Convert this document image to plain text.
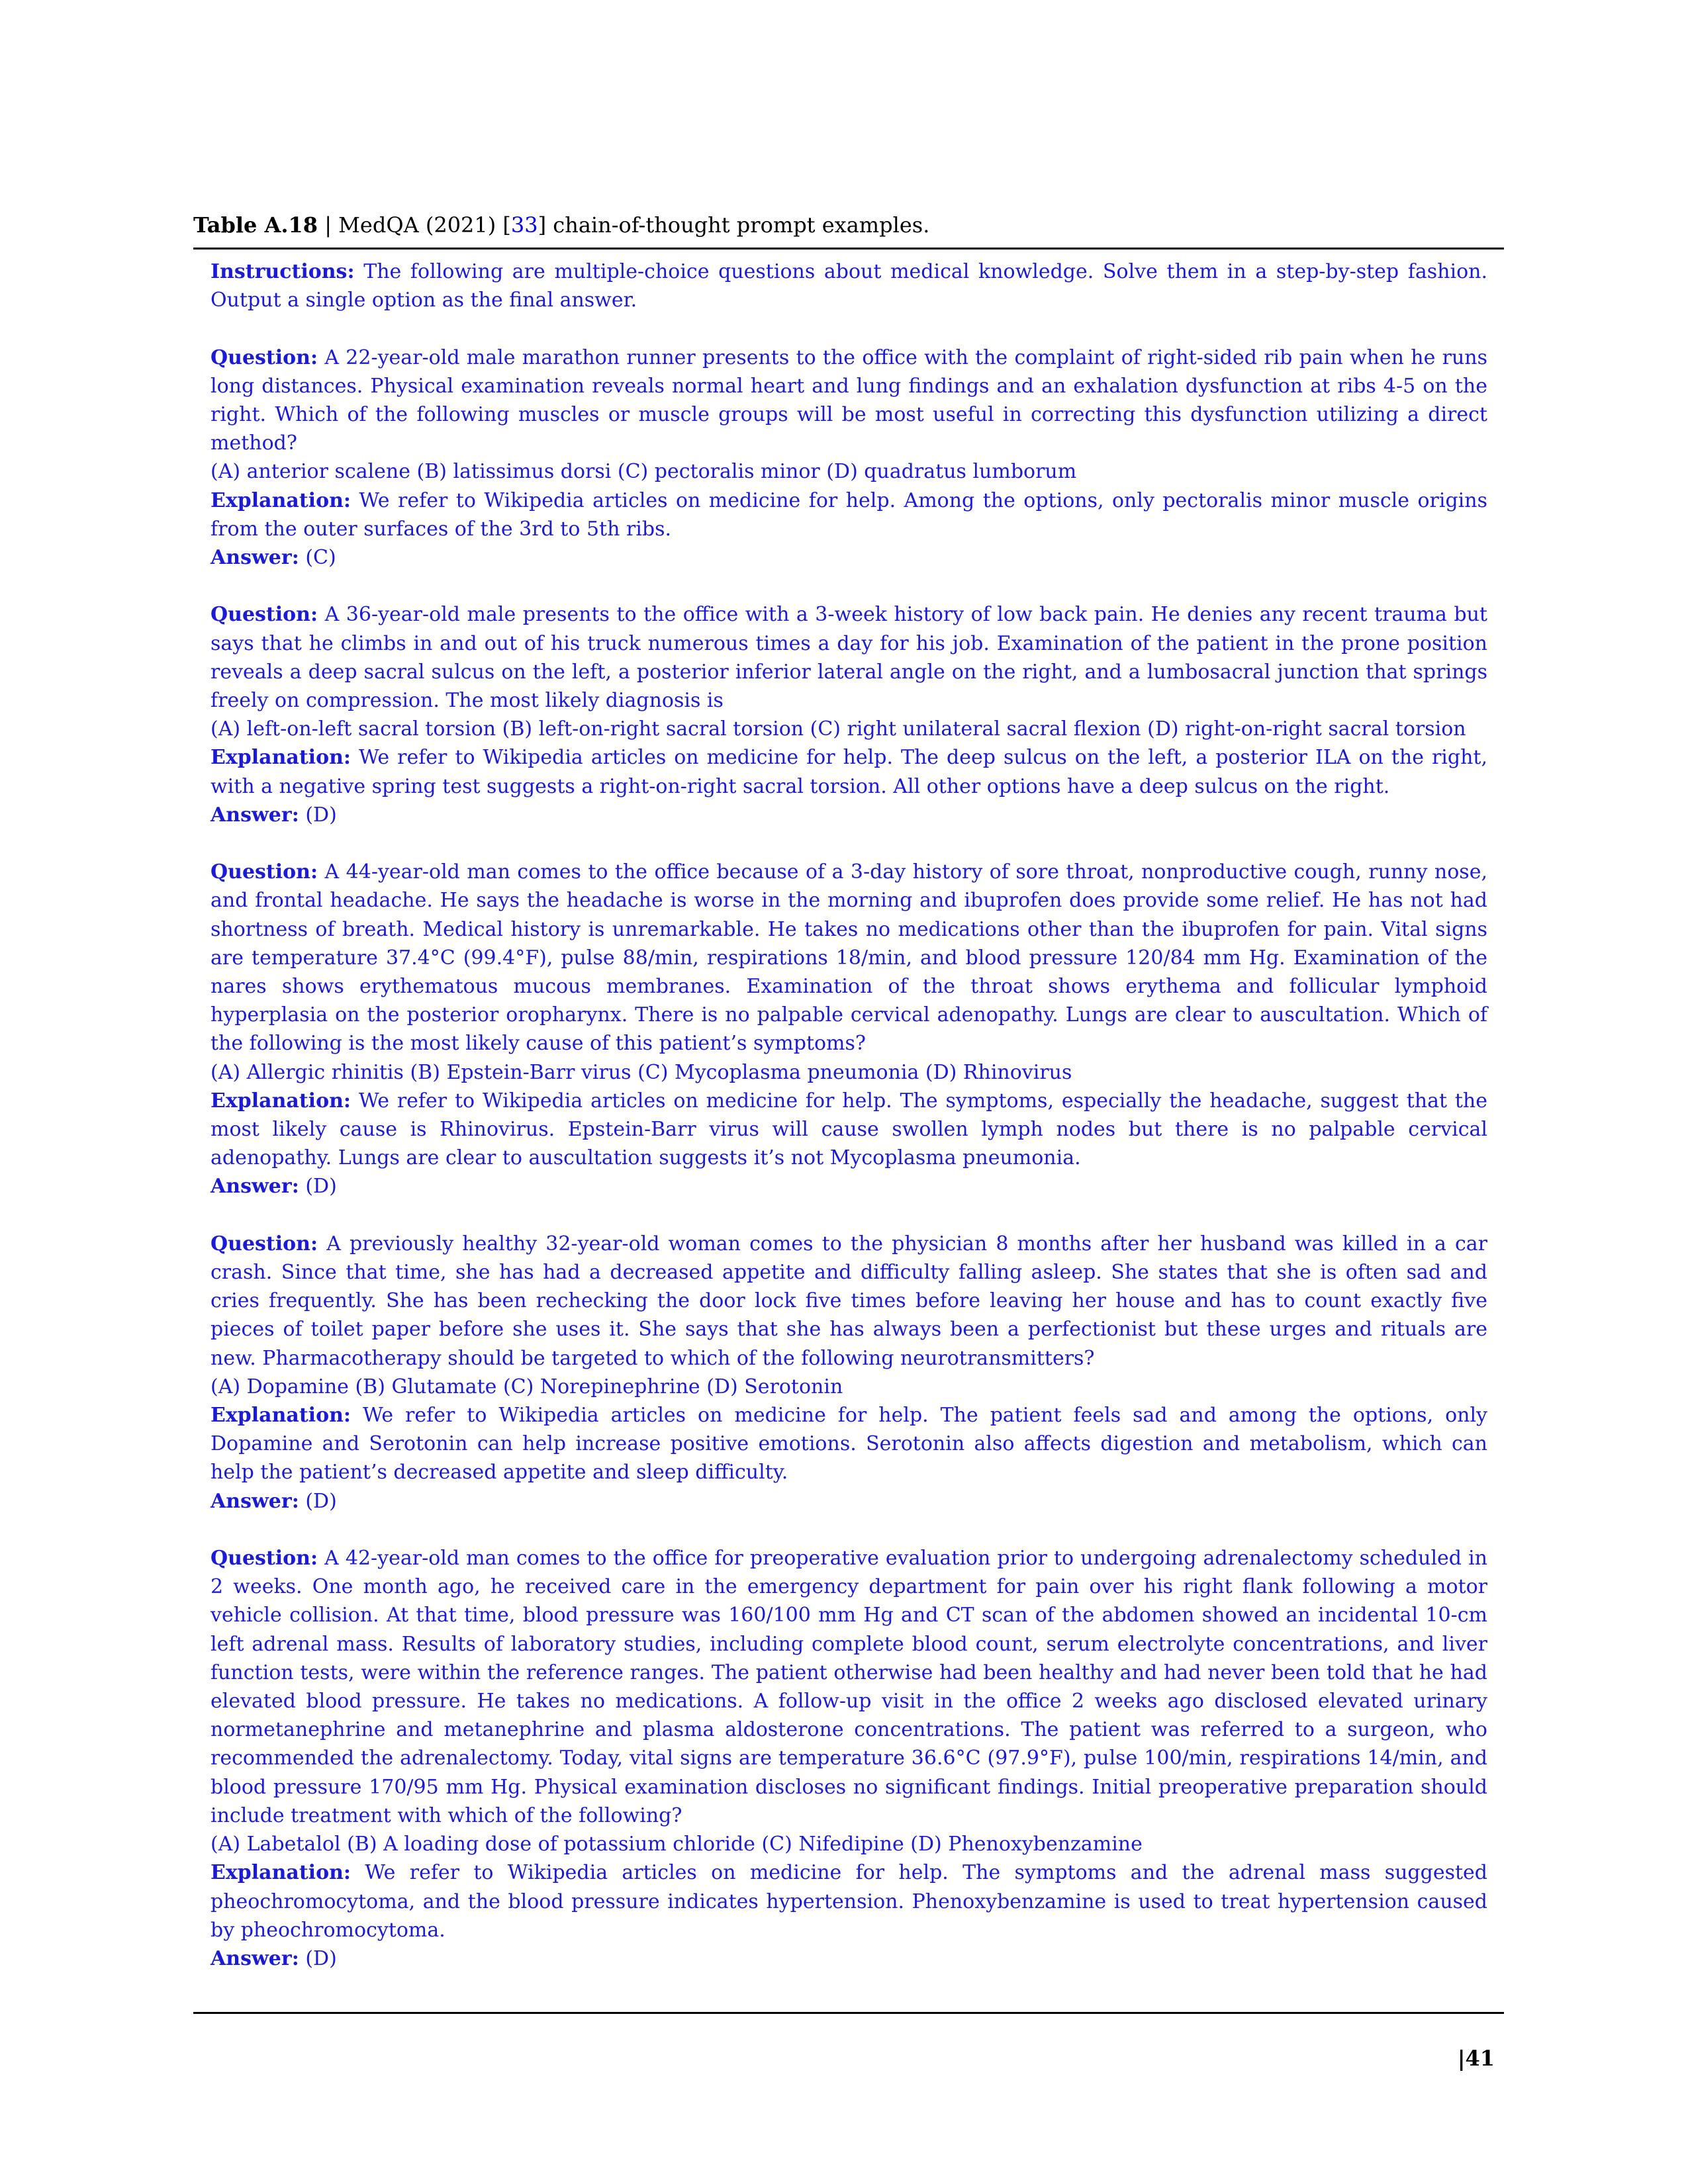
Table A.18 | MedQA (2021) [33] chain-of-thought prompt examples.

Instructions: The following are multiple-choice questions about medical knowledge. Solve them in a step-by-step fashion. Output a single option as the final answer.

Question: A 22-year-old male marathon runner presents to the office with the complaint of right-sided rib pain when he runs long distances. Physical examination reveals normal heart and lung findings and an exhalation dysfunction at ribs 4-5 on the right. Which of the following muscles or muscle groups will be most useful in correcting this dysfunction utilizing a direct method?

(A) anterior scalene (B) latissimus dorsi (C) pectoralis minor (D) quadratus lumborum

Explanation: We refer to Wikipedia articles on medicine for help. Among the options, only pectoralis minor muscle origins from the outer surfaces of the 3rd to 5th ribs.

Answer: (C)

Question: A 36-year-old male presents to the office with a 3-week history of low back pain. He denies any recent trauma but says that he climbs in and out of his truck numerous times a day for his job. Examination of the patient in the prone position reveals a deep sacral sulcus on the left, a posterior inferior lateral angle on the right, and a lumbosacral junction that springs freely on compression. The most likely diagnosis is

(A) left-on-left sacral torsion (B) left-on-right sacral torsion (C) right unilateral sacral flexion (D) right-on-right sacral torsion

Explanation: We refer to Wikipedia articles on medicine for help. The deep sulcus on the left, a posterior ILA on the right, with a negative spring test suggests a right-on-right sacral torsion. All other options have a deep sulcus on the right.

Answer: (D)

Question: A 44-year-old man comes to the office because of a 3-day history of sore throat, nonproductive cough, runny nose, and frontal headache. He says the headache is worse in the morning and ibuprofen does provide some relief. He has not had shortness of breath. Medical history is unremarkable. He takes no medications other than the ibuprofen for pain. Vital signs are temperature 37.4°C (99.4°F), pulse 88/min, respirations 18/min, and blood pressure 120/84 mm Hg. Examination of the nares shows erythematous mucous membranes. Examination of the throat shows erythema and follicular lymphoid hyperplasia on the posterior oropharynx. There is no palpable cervical adenopathy. Lungs are clear to auscultation. Which of the following is the most likely cause of this patient’s symptoms?

(A) Allergic rhinitis (B) Epstein-Barr virus (C) Mycoplasma pneumonia (D) Rhinovirus

Explanation: We refer to Wikipedia articles on medicine for help. The symptoms, especially the headache, suggest that the most likely cause is Rhinovirus. Epstein-Barr virus will cause swollen lymph nodes but there is no palpable cervical adenopathy. Lungs are clear to auscultation suggests it’s not Mycoplasma pneumonia.

Answer: (D)

Question: A previously healthy 32-year-old woman comes to the physician 8 months after her husband was killed in a car crash. Since that time, she has had a decreased appetite and difficulty falling asleep. She states that she is often sad and cries frequently. She has been rechecking the door lock five times before leaving her house and has to count exactly five pieces of toilet paper before she uses it. She says that she has always been a perfectionist but these urges and rituals are new. Pharmacotherapy should be targeted to which of the following neurotransmitters?

(A) Dopamine (B) Glutamate (C) Norepinephrine (D) Serotonin

Explanation: We refer to Wikipedia articles on medicine for help. The patient feels sad and among the options, only Dopamine and Serotonin can help increase positive emotions. Serotonin also affects digestion and metabolism, which can help the patient’s decreased appetite and sleep difficulty.

Answer: (D)

Question: A 42-year-old man comes to the office for preoperative evaluation prior to undergoing adrenalectomy scheduled in 2 weeks. One month ago, he received care in the emergency department for pain over his right flank following a motor vehicle collision. At that time, blood pressure was 160/100 mm Hg and CT scan of the abdomen showed an incidental 10-cm left adrenal mass. Results of laboratory studies, including complete blood count, serum electrolyte concentrations, and liver function tests, were within the reference ranges. The patient otherwise had been healthy and had never been told that he had elevated blood pressure. He takes no medications. A follow-up visit in the office 2 weeks ago disclosed elevated urinary normetanephrine and metanephrine and plasma aldosterone concentrations. The patient was referred to a surgeon, who recommended the adrenalectomy. Today, vital signs are temperature 36.6°C (97.9°F), pulse 100/min, respirations 14/min, and blood pressure 170/95 mm Hg. Physical examination discloses no significant findings. Initial preoperative preparation should include treatment with which of the following?

(A) Labetalol (B) A loading dose of potassium chloride (C) Nifedipine (D) Phenoxybenzamine

Explanation: We refer to Wikipedia articles on medicine for help. The symptoms and the adrenal mass suggested pheochromocytoma, and the blood pressure indicates hypertension. Phenoxybenzamine is used to treat hypertension caused by pheochromocytoma.

Answer: (D)

|41
